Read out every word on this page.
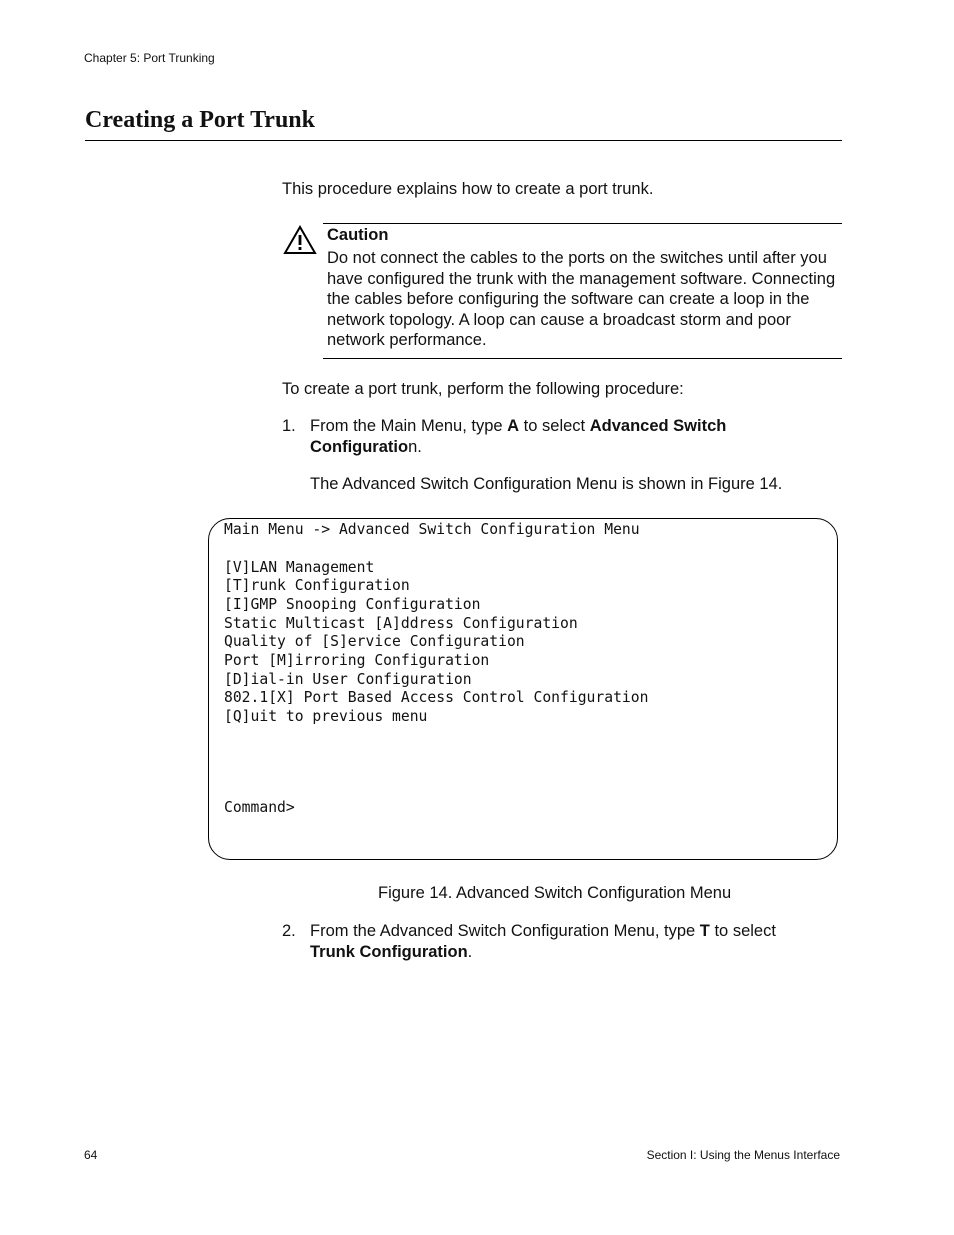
Chapter 5: Port Trunking
Creating a Port Trunk
This procedure explains how to create a port trunk.
Caution
Do not connect the cables to the ports on the switches until after you have configured the trunk with the management software. Connecting the cables before configuring the software can create a loop in the network topology. A loop can cause a broadcast storm and poor network performance.
To create a port trunk, perform the following procedure:
1. From the Main Menu, type A to select Advanced Switch Configuration.
The Advanced Switch Configuration Menu is shown in Figure 14.
Main Menu -> Advanced Switch Configuration Menu
[V]LAN Management
[T]runk Configuration
[I]GMP Snooping Configuration
Static Multicast [A]ddress Configuration
Quality of [S]ervice Configuration
Port [M]irroring Configuration
[D]ial-in User Configuration
802.1[X] Port Based Access Control Configuration
[Q]uit to previous menu
Command>
Figure 14. Advanced Switch Configuration Menu
2. From the Advanced Switch Configuration Menu, type T to select Trunk Configuration.
64	Section I: Using the Menus Interface
